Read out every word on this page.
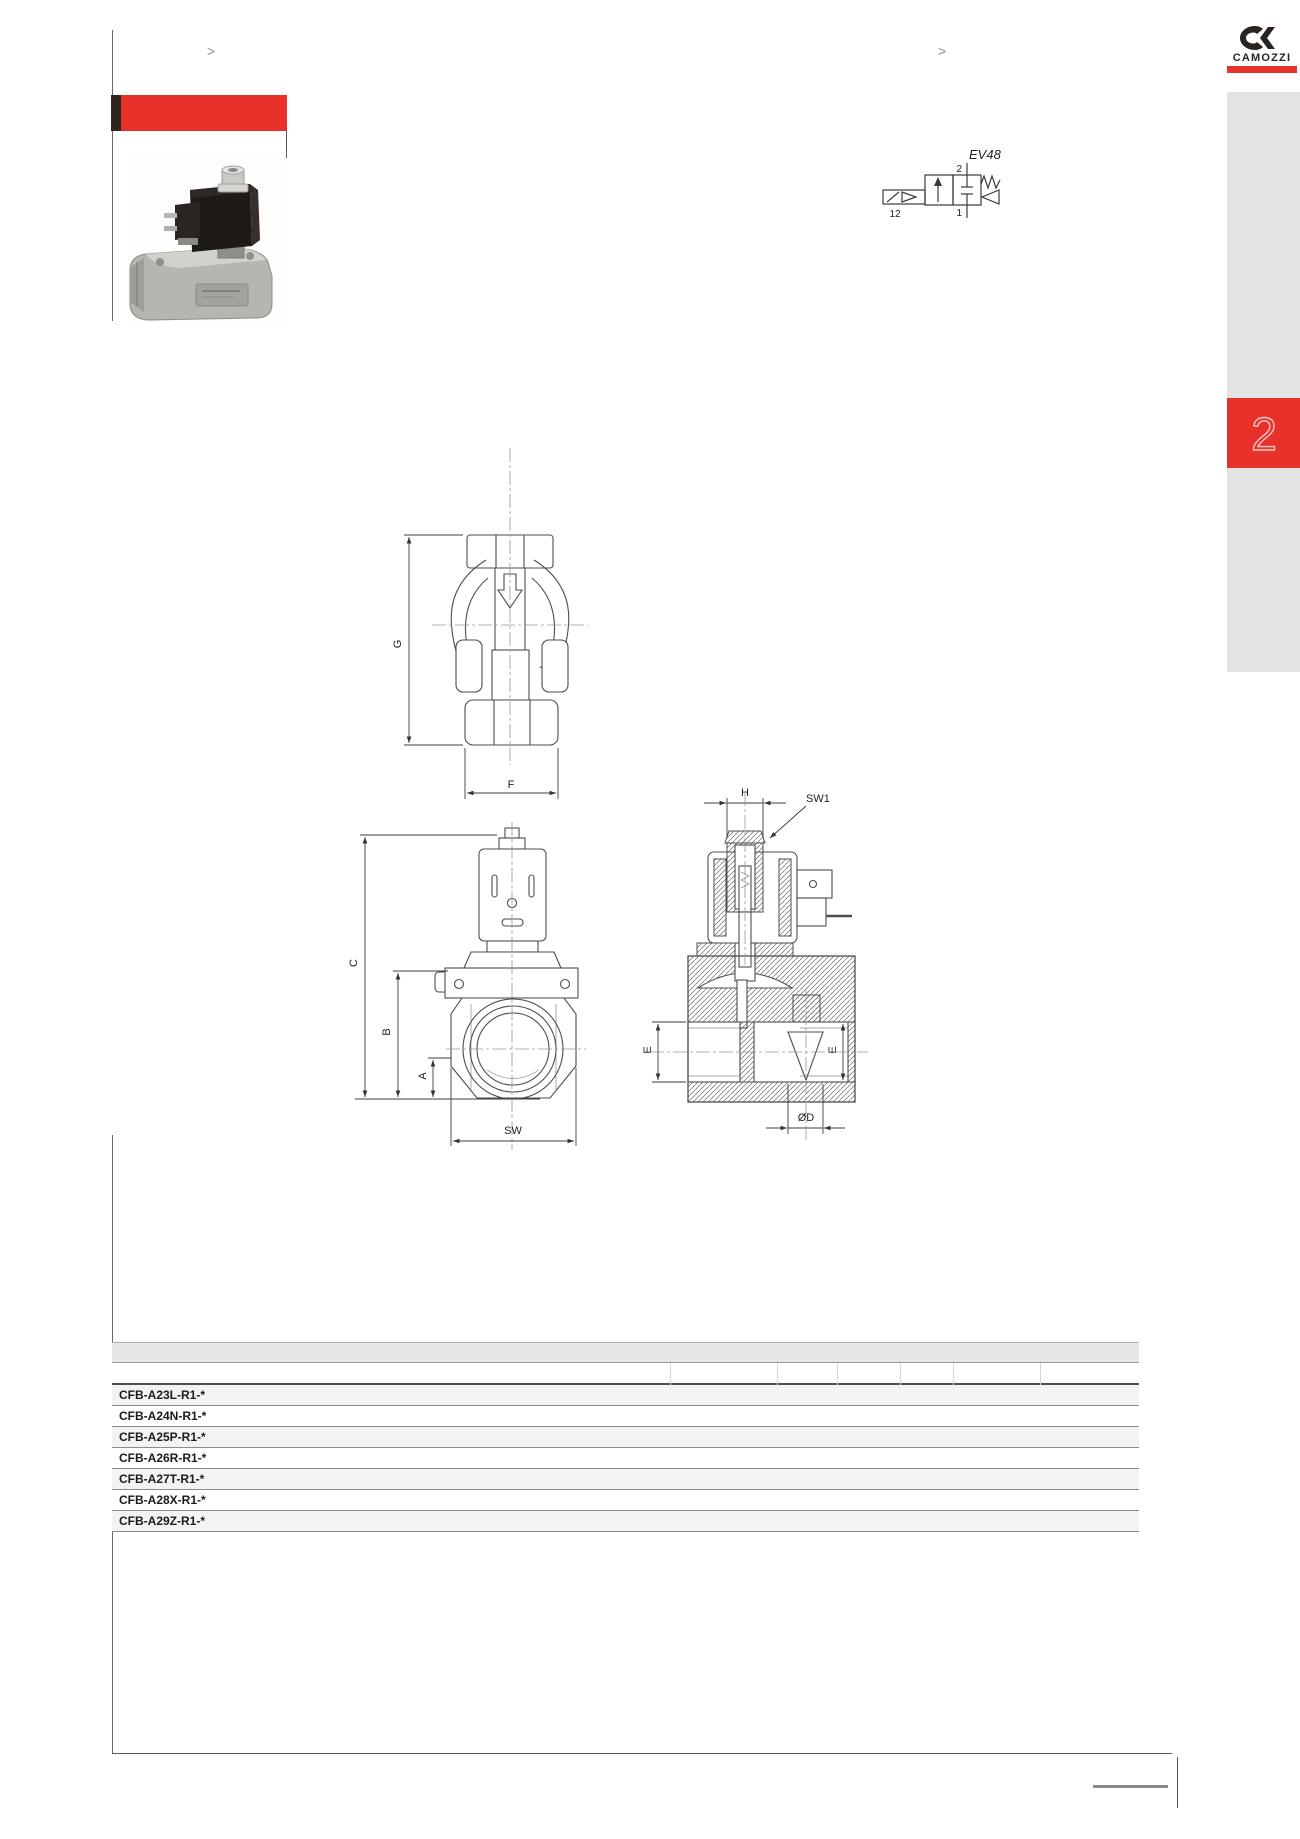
>	>	CAMOZZI
2
EV48
2
1
12
G
F
C
B
A
SW
H	SW1
E	E
ØD
CFB-A23L-R1-*
CFB-A24N-R1-*
CFB-A25P-R1-*
CFB-A26R-R1-*
CFB-A27T-R1-*
CFB-A28X-R1-*
CFB-A29Z-R1-*
